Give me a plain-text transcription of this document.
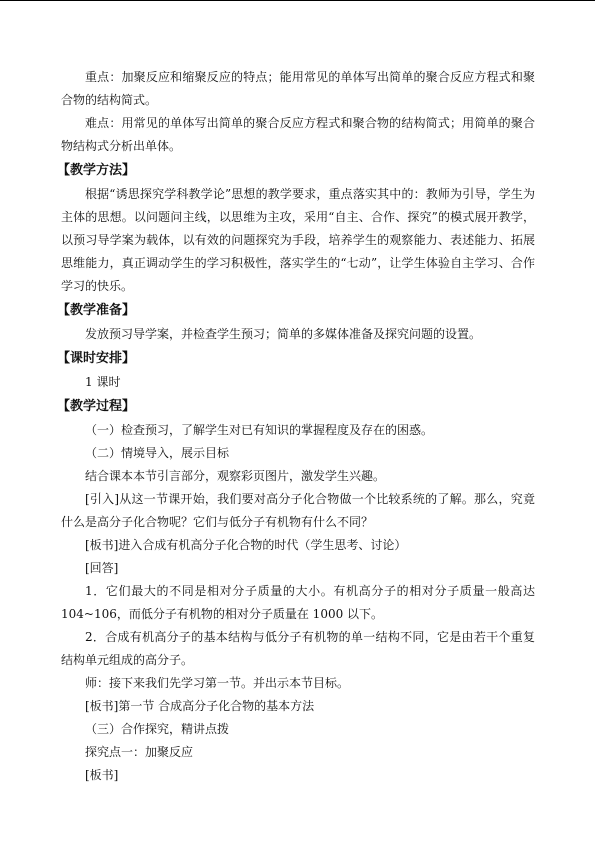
重点：加聚反应和缩聚反应的特点；能用常见的单体写出简单的聚合反应方程式和聚合物的结构简式。

难点：用常见的单体写出简单的聚合反应方程式和聚合物的结构简式；用简单的聚合物结构式分析出单体。

【教学方法】

根据“诱思探究学科教学论”思想的教学要求，重点落实其中的：教师为引导，学生为主体的思想。以问题问主线，以思维为主攻，采用“自主、合作、探究”的模式展开教学，以预习导学案为载体，以有效的问题探究为手段，培养学生的观察能力、表述能力、拓展思维能力，真正调动学生的学习积极性，落实学生的“七动”，让学生体验自主学习、合作学习的快乐。

【教学准备】

发放预习导学案，并检查学生预习；简单的多媒体准备及探究问题的设置。

【课时安排】

1 课时

【教学过程】

（一）检查预习，了解学生对已有知识的掌握程度及存在的困惑。

（二）情境导入，展示目标

结合课本本节引言部分，观察彩页图片，激发学生兴趣。

[引入]从这一节课开始，我们要对高分子化合物做一个比较系统的了解。那么，究竟什么是高分子化合物呢？它们与低分子有机物有什么不同？

[板书]进入合成有机高分子化合物的时代（学生思考、讨论）

[回答]

1．它们最大的不同是相对分子质量的大小。有机高分子的相对分子质量一般高达104~106，而低分子有机物的相对分子质量在 1000 以下。

2．合成有机高分子的基本结构与低分子有机物的单一结构不同，它是由若干个重复结构单元组成的高分子。

师：接下来我们先学习第一节。并出示本节目标。

[板书]第一节 合成高分子化合物的基本方法

（三）合作探究，精讲点拨

探究点一：加聚反应

[板书]
